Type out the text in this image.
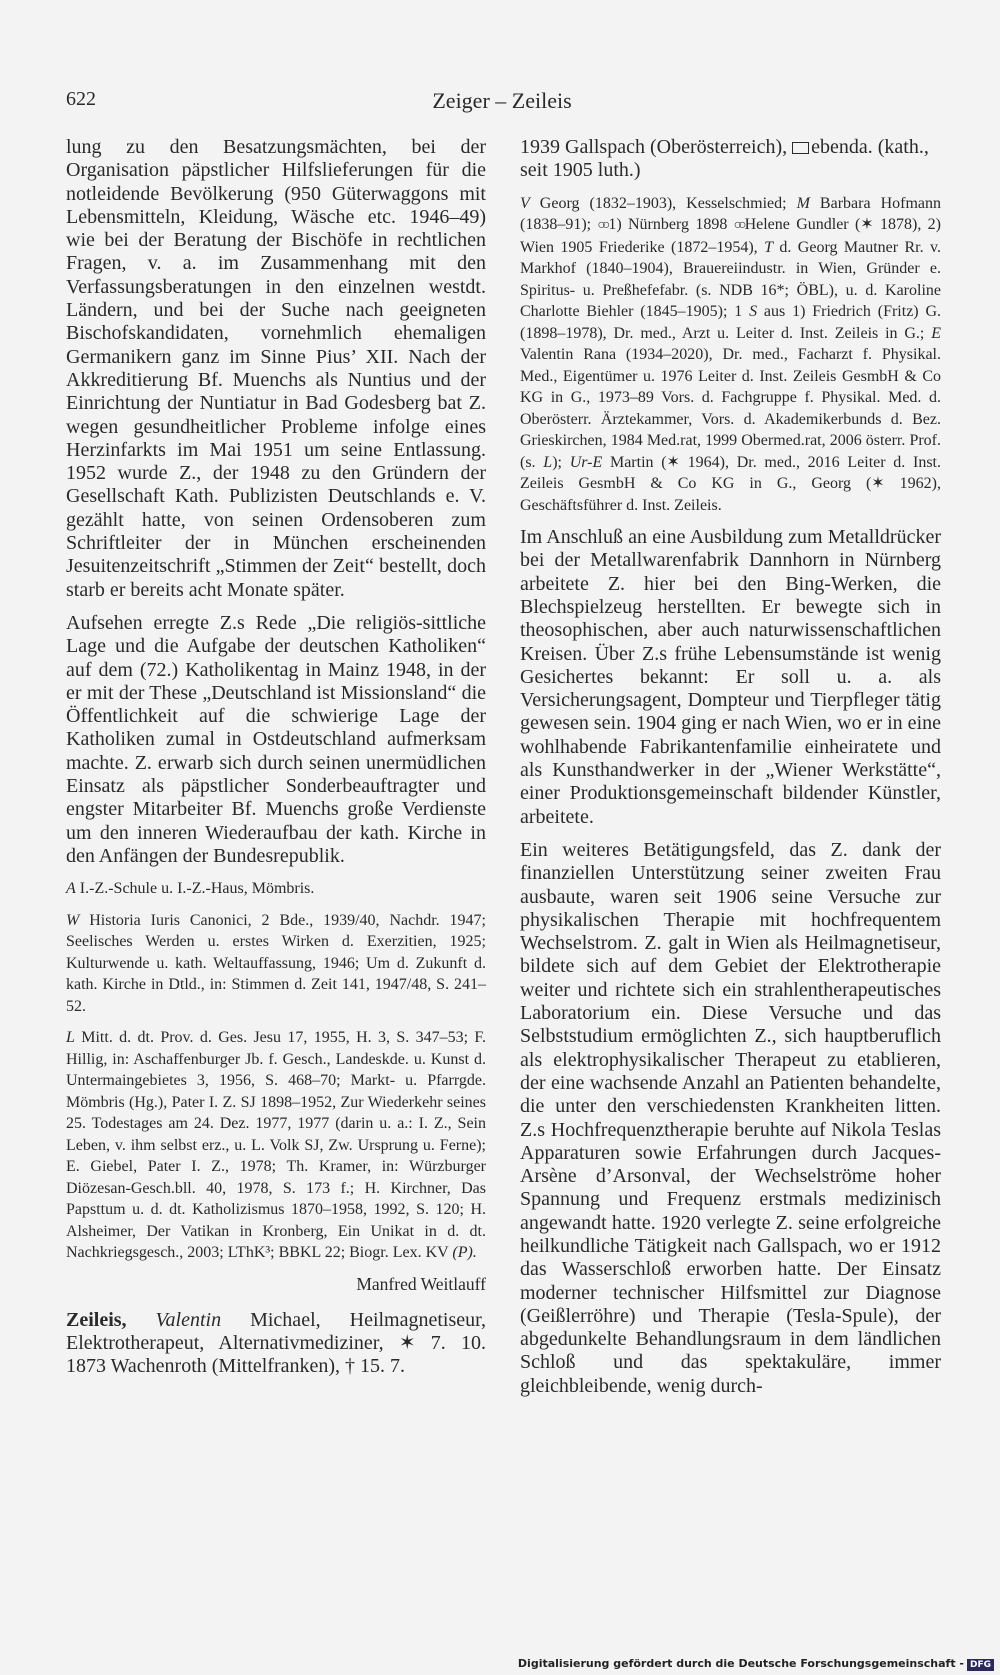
622	Zeiger – Zeileis

lung zu den Besatzungsmächten, bei der Organisation päpstlicher Hilfslieferungen für die notleidende Bevölkerung (950 Güterwaggons mit Lebensmitteln, Kleidung, Wäsche etc. 1946–49) wie bei der Beratung der Bischöfe in rechtlichen Fragen, v. a. im Zusammenhang mit den Verfassungsberatungen in den einzelnen westdt. Ländern, und bei der Suche nach geeigneten Bischofskandidaten, vornehmlich ehemaligen Germanikern ganz im Sinne Pius’ XII. Nach der Akkreditierung Bf. Muenchs als Nuntius und der Einrichtung der Nuntiatur in Bad Godesberg bat Z. wegen gesundheitlicher Probleme infolge eines Herzinfarkts im Mai 1951 um seine Entlassung. 1952 wurde Z., der 1948 zu den Gründern der Gesellschaft Kath. Publizisten Deutschlands e. V. gezählt hatte, von seinen Ordensoberen zum Schriftleiter der in München erscheinenden Jesuitenzeitschrift „Stimmen der Zeit“ bestellt, doch starb er bereits acht Monate später.

Aufsehen erregte Z.s Rede „Die religiös-sittliche Lage und die Aufgabe der deutschen Katholiken“ auf dem (72.) Katholikentag in Mainz 1948, in der er mit der These „Deutschland ist Missionsland“ die Öffentlichkeit auf die schwierige Lage der Katholiken zumal in Ostdeutschland aufmerksam machte. Z. erwarb sich durch seinen unermüdlichen Einsatz als päpstlicher Sonderbeauftragter und engster Mitarbeiter Bf. Muenchs große Verdienste um den inneren Wiederaufbau der kath. Kirche in den Anfängen der Bundesrepublik.

A I.-Z.-Schule u. I.-Z.-Haus, Mömbris.

W Historia Iuris Canonici, 2 Bde., 1939/40, Nachdr. 1947; Seelisches Werden u. erstes Wirken d. Exerzitien, 1925; Kulturwende u. kath. Weltauffassung, 1946; Um d. Zukunft d. kath. Kirche in Dtld., in: Stimmen d. Zeit 141, 1947/48, S. 241–52.

L Mitt. d. dt. Prov. d. Ges. Jesu 17, 1955, H. 3, S. 347–53; F. Hillig, in: Aschaffenburger Jb. f. Gesch., Landeskde. u. Kunst d. Untermaingebietes 3, 1956, S. 468–70; Markt- u. Pfarrgde. Mömbris (Hg.), Pater I. Z. SJ 1898–1952, Zur Wiederkehr seines 25. Todestages am 24. Dez. 1977, 1977 (darin u. a.: I. Z., Sein Leben, v. ihm selbst erz., u. L. Volk SJ, Zw. Ursprung u. Ferne); E. Giebel, Pater I. Z., 1978; Th. Kramer, in: Würzburger Diözesan-Gesch.bll. 40, 1978, S. 173 f.; H. Kirchner, Das Papsttum u. d. dt. Katholizismus 1870–1958, 1992, S. 120; H. Alsheimer, Der Vatikan in Kronberg, Ein Unikat in d. dt. Nachkriegsgesch., 2003; LThK³; BBKL 22; Biogr. Lex. KV (P).

Manfred Weitlauff

Zeileis, Valentin Michael, Heilmagnetiseur, Elektrotherapeut, Alternativmediziner, ✶ 7. 10. 1873 Wachenroth (Mittelfranken), † 15. 7.

1939 Gallspach (Oberösterreich), ebenda. (kath., seit 1905 luth.)

V Georg (1832–1903), Kesselschmied; M Barbara Hofmann (1838–91); ○○ 1) Nürnberg 1898 ○○ Helene Gundler (✶ 1878), 2) Wien 1905 Friederike (1872–1954), T d. Georg Mautner Rr. v. Markhof (1840–1904), Brauereiindustr. in Wien, Gründer e. Spiritus- u. Preßhefefabr. (s. NDB 16*; ÖBL), u. d. Karoline Charlotte Biehler (1845–1905); 1 S aus 1) Friedrich (Fritz) G. (1898–1978), Dr. med., Arzt u. Leiter d. Inst. Zeileis in G.; E Valentin Rana (1934–2020), Dr. med., Facharzt f. Physikal. Med., Eigentümer u. 1976 Leiter d. Inst. Zeileis GesmbH & Co KG in G., 1973–89 Vors. d. Fachgruppe f. Physikal. Med. d. Oberösterr. Ärztekammer, Vors. d. Akademikerbunds d. Bez. Grieskirchen, 1984 Med.rat, 1999 Obermed.rat, 2006 österr. Prof. (s. L); Ur-E Martin (✶ 1964), Dr. med., 2016 Leiter d. Inst. Zeileis GesmbH & Co KG in G., Georg (✶ 1962), Geschäftsführer d. Inst. Zeileis.

Im Anschluß an eine Ausbildung zum Metalldrücker bei der Metallwarenfabrik Dannhorn in Nürnberg arbeitete Z. hier bei den Bing-Werken, die Blechspielzeug herstellten. Er bewegte sich in theosophischen, aber auch naturwissenschaftlichen Kreisen. Über Z.s frühe Lebensumstände ist wenig Gesichertes bekannt: Er soll u. a. als Versicherungsagent, Dompteur und Tierpfleger tätig gewesen sein. 1904 ging er nach Wien, wo er in eine wohlhabende Fabrikantenfamilie einheiratete und als Kunsthandwerker in der „Wiener Werkstätte“, einer Produktionsgemeinschaft bildender Künstler, arbeitete.

Ein weiteres Betätigungsfeld, das Z. dank der finanziellen Unterstützung seiner zweiten Frau ausbaute, waren seit 1906 seine Versuche zur physikalischen Therapie mit hochfrequentem Wechselstrom. Z. galt in Wien als Heilmagnetiseur, bildete sich auf dem Gebiet der Elektrotherapie weiter und richtete sich ein strahlentherapeutisches Laboratorium ein. Diese Versuche und das Selbststudium ermöglichten Z., sich hauptberuflich als elektrophysikalischer Therapeut zu etablieren, der eine wachsende Anzahl an Patienten behandelte, die unter den verschiedensten Krankheiten litten. Z.s Hochfrequenztherapie beruhte auf Nikola Teslas Apparaturen sowie Erfahrungen durch Jacques-Arsène d’Arsonval, der Wechselströme hoher Spannung und Frequenz erstmals medizinisch angewandt hatte. 1920 verlegte Z. seine erfolgreiche heilkundliche Tätigkeit nach Gallspach, wo er 1912 das Wasserschloß erworben hatte. Der Einsatz moderner technischer Hilfsmittel zur Diagnose (Geißlerröhre) und Therapie (Tesla-Spule), der abgedunkelte Behandlungsraum in dem ländlichen Schloß und das spektakuläre, immer gleichbleibende, wenig durch-

Digitalisierung gefördert durch die Deutsche Forschungsgemeinschaft - DFG
